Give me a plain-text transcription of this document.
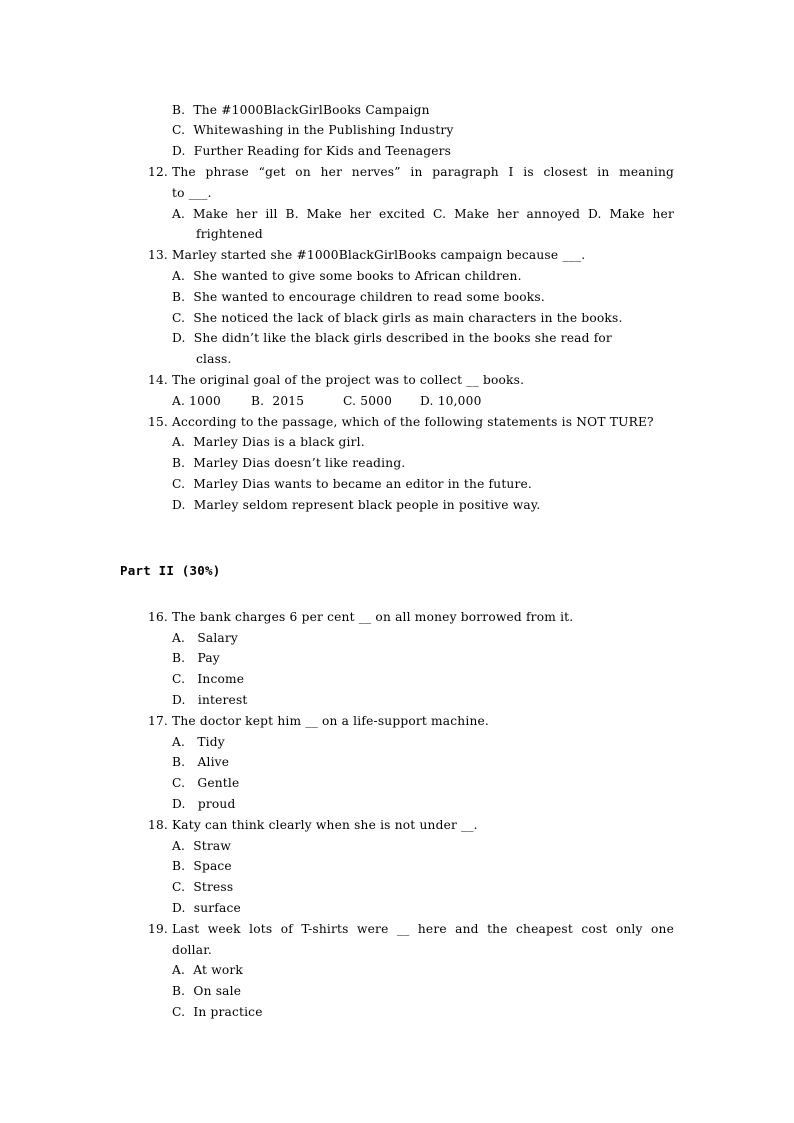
B. The #1000BlackGirlBooks Campaign
C. Whitewashing in the Publishing Industry
D. Further Reading for Kids and Teenagers
12. The phrase “get on her nerves” in paragraph I is closest in meaning
to ___.
A. Make her ill B. Make her excited C. Make her annoyed D. Make her
frightened
13. Marley started she #1000BlackGirlBooks campaign because ___.
A. She wanted to give some books to African children.
B. She wanted to encourage children to read some books.
C. She noticed the lack of black girls as main characters in the books.
D. She didn’t like the black girls described in the books she read for
class.
14. The original goal of the project was to collect __ books.
A. 1000 B. 2015	C. 5000 D. 10,000
15. According to the passage, which of the following statements is NOT TURE?
A. Marley Dias is a black girl.
B. Marley Dias doesn’t like reading.
C. Marley Dias wants to became an editor in the future.
D. Marley seldom represent black people in positive way.
Part II (30%)
16. The bank charges 6 per cent __ on all money borrowed from it.
A. Salary
B. Pay
C. Income
D. interest
17. The doctor kept him __ on a life-support machine.
A. Tidy
B. Alive
C. Gentle
D. proud
18. Katy can think clearly when she is not under __.
A. Straw
B. Space
C. Stress
D. surface
19. Last week lots of T-shirts were __ here and the cheapest cost only one
dollar.
A. At work
B. On sale
C. In practice
